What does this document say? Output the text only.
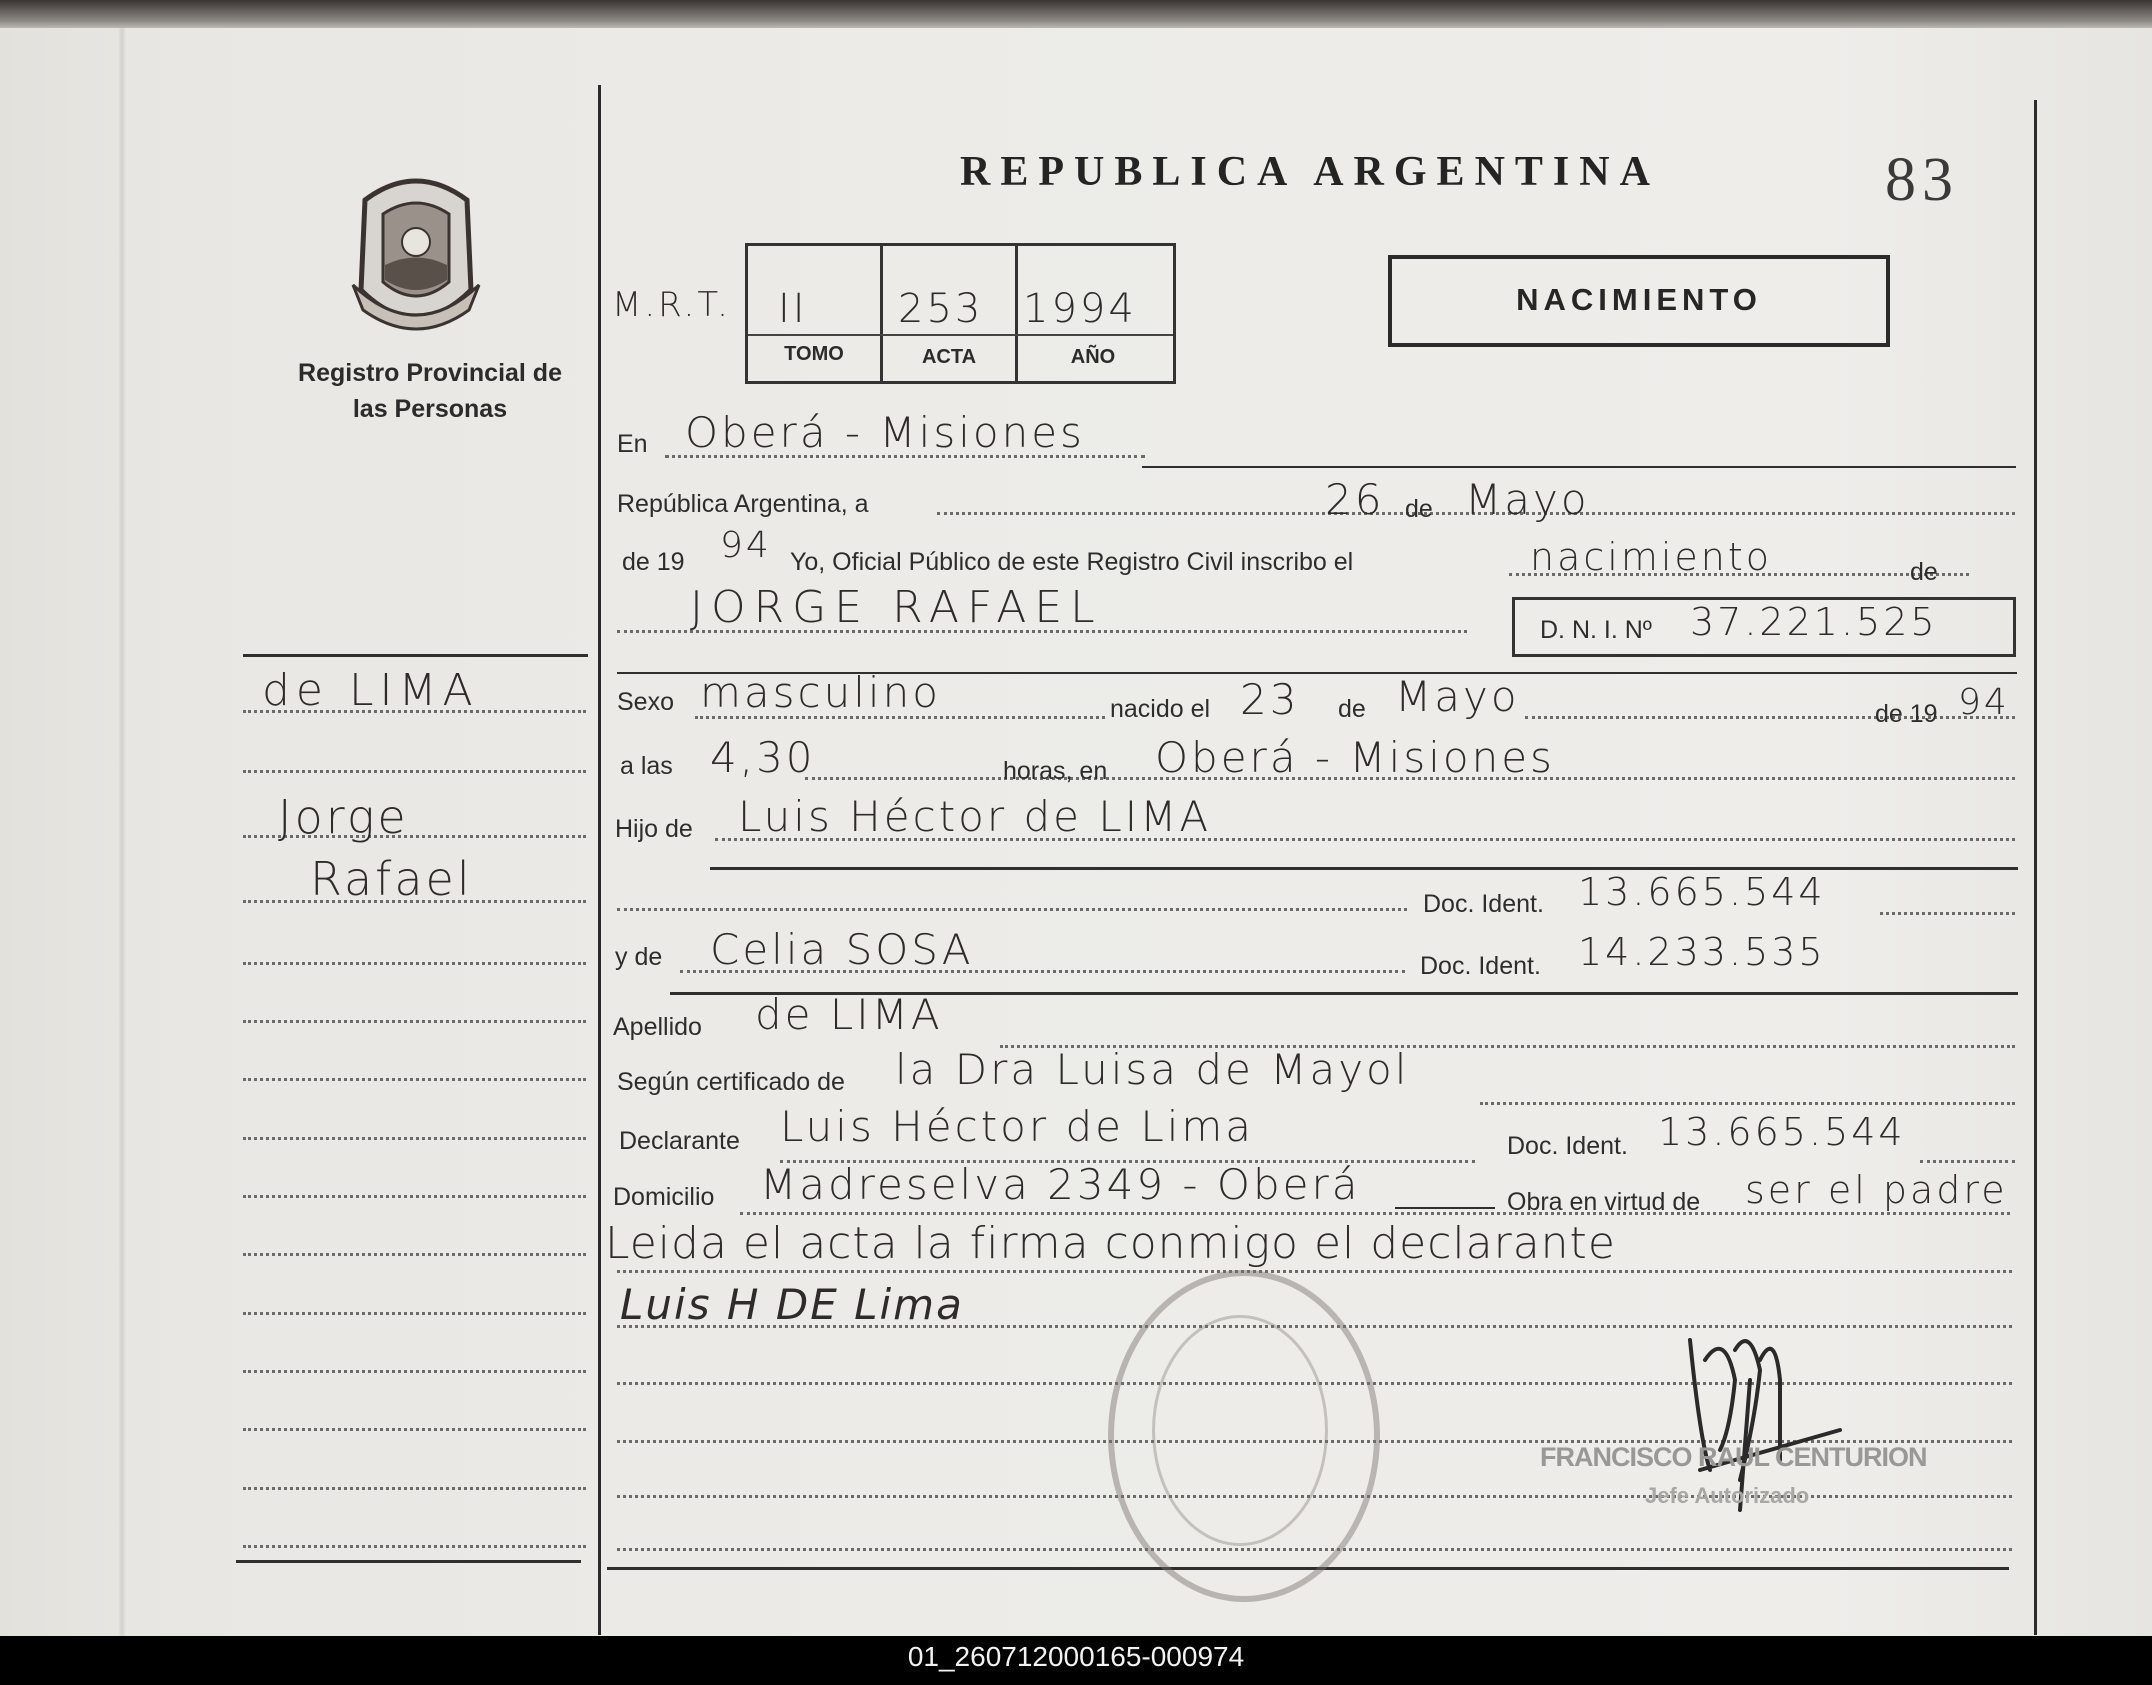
Registro Provincial de las Personas
REPUBLICA ARGENTINA	83
M.R.T. II 253 1994
TOMO	ACTA	AÑO
NACIMIENTO
En Oberá - Misiones
República Argentina, a	26 de Mayo
de 19 94 Yo, Oficial Público de este Registro Civil inscribo el	nacimiento	de
JORGE RAFAEL	D. N. I. Nº 37.221.525
Sexo masculino	nacido el 23 de Mayo	de 19 94
a las 4,30	horas, en Oberá - Misiones
Hijo de Luis Héctor de LIMA
Doc. Ident. 13.665.544
y de Celia SOSA	Doc. Ident. 14.233.535
Apellido de LIMA
Según certificado de la Dra Luisa de Mayol
Declarante Luis Héctor de Lima	Doc. Ident. 13.665.544
Domicilio Madreselva 2349 - Oberá	Obra en virtud de ser el padre
Leida el acta la firma conmigo el declarante
Luis H DE Lima
de LIMA
Jorge
Rafael
FRANCISCO RAUL CENTURION
Jefe Autorizado
01_260712000165-000974
